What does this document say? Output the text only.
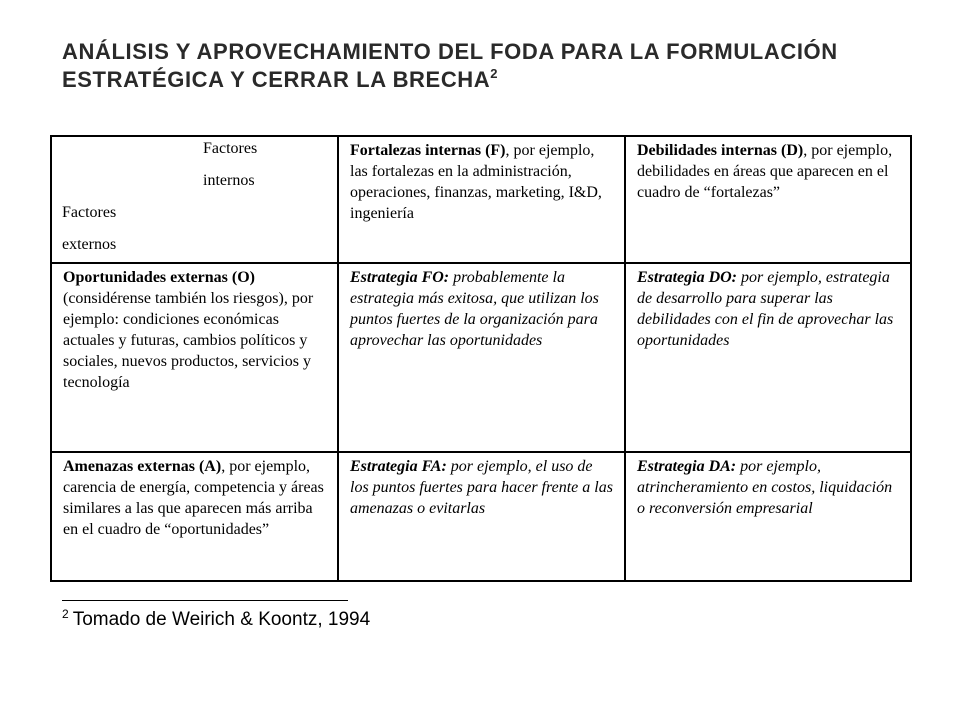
ANÁLISIS Y APROVECHAMIENTO DEL FODA PARA LA FORMULACIÓN
ESTRATÉGICA Y CERRAR LA BRECHA$^2$
Factores
internos
Factores
externos	Fortalezas internas (F), por ejemplo, las fortalezas en la administración, operaciones, finanzas, marketing, I&D, ingeniería	Debilidades internas (D), por ejemplo, debilidades en áreas que aparecen en el cuadro de “fortalezas”
Oportunidades externas (O) (considérense también los riesgos), por ejemplo: condiciones económicas actuales y futuras, cambios políticos y sociales, nuevos productos, servicios y tecnología	Estrategia FO: probablemente la estrategia más exitosa, que utilizan los puntos fuertes de la organización para aprovechar las oportunidades	Estrategia DO: por ejemplo, estrategia de desarrollo para superar las debilidades con el fin de aprovechar las oportunidades
Amenazas externas (A), por ejemplo, carencia de energía, competencia y áreas similares a las que aparecen más arriba en el cuadro de “oportunidades”	Estrategia FA: por ejemplo, el uso de los puntos fuertes para hacer frente a las amenazas o evitarlas	Estrategia DA: por ejemplo, atrincheramiento en costos, liquidación o reconversión empresarial
$^2$ Tomado de Weirich & Koontz, 1994
